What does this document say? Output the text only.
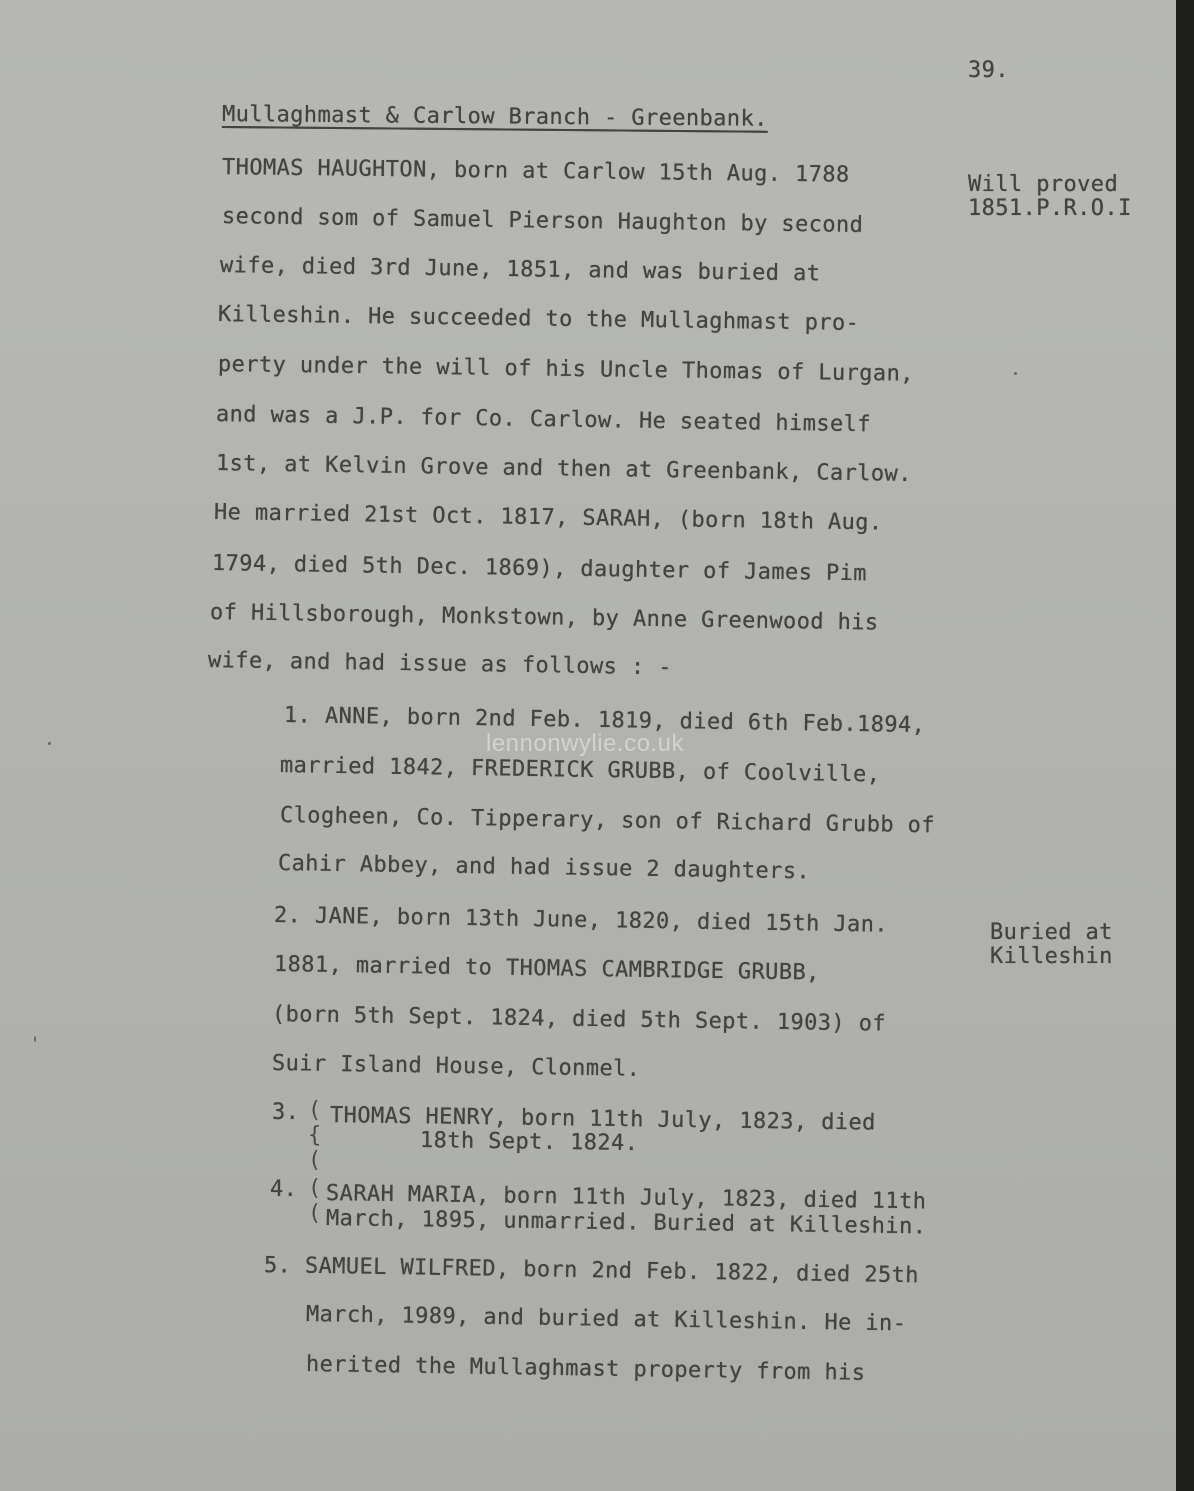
39.
Mullaghmast & Carlow Branch - Greenbank.
Will proved
1851.P.R.O.I
Buried at
Killeshin
THOMAS HAUGHTON, born at Carlow 15th Aug. 1788
second som of Samuel Pierson Haughton by second
wife, died 3rd June, 1851, and was buried at
Killeshin. He succeeded to the Mullaghmast pro-
perty under the will of his Uncle Thomas of Lurgan,
and was a J.P. for Co. Carlow. He seated himself
1st, at Kelvin Grove and then at Greenbank, Carlow.
He married 21st Oct. 1817, SARAH, (born 18th Aug.
1794, died 5th Dec. 1869), daughter of James Pim
of Hillsborough, Monkstown, by Anne Greenwood his
wife, and had issue as follows : -
1. ANNE, born 2nd Feb. 1819, died 6th Feb.1894,
married 1842, FREDERICK GRUBB, of Coolville,
Clogheen, Co. Tipperary, son of Richard Grubb of
Cahir Abbey, and had issue 2 daughters.
lennonwylie.co.uk
2. JANE, born 13th June, 1820, died 15th Jan.
1881, married to THOMAS CAMBRIDGE GRUBB,
(born 5th Sept. 1824, died 5th Sept. 1903) of
Suir Island House, Clonmel.
3. (
{
(
THOMAS HENRY, born 11th July, 1823, died
18th Sept. 1824.
4. (
( SARAH MARIA, born 11th July, 1823, died 11th
March, 1895, unmarried. Buried at Killeshin.
5. SAMUEL WILFRED, born 2nd Feb. 1822, died 25th
March, 1989, and buried at Killeshin. He in-
herited the Mullaghmast property from his
